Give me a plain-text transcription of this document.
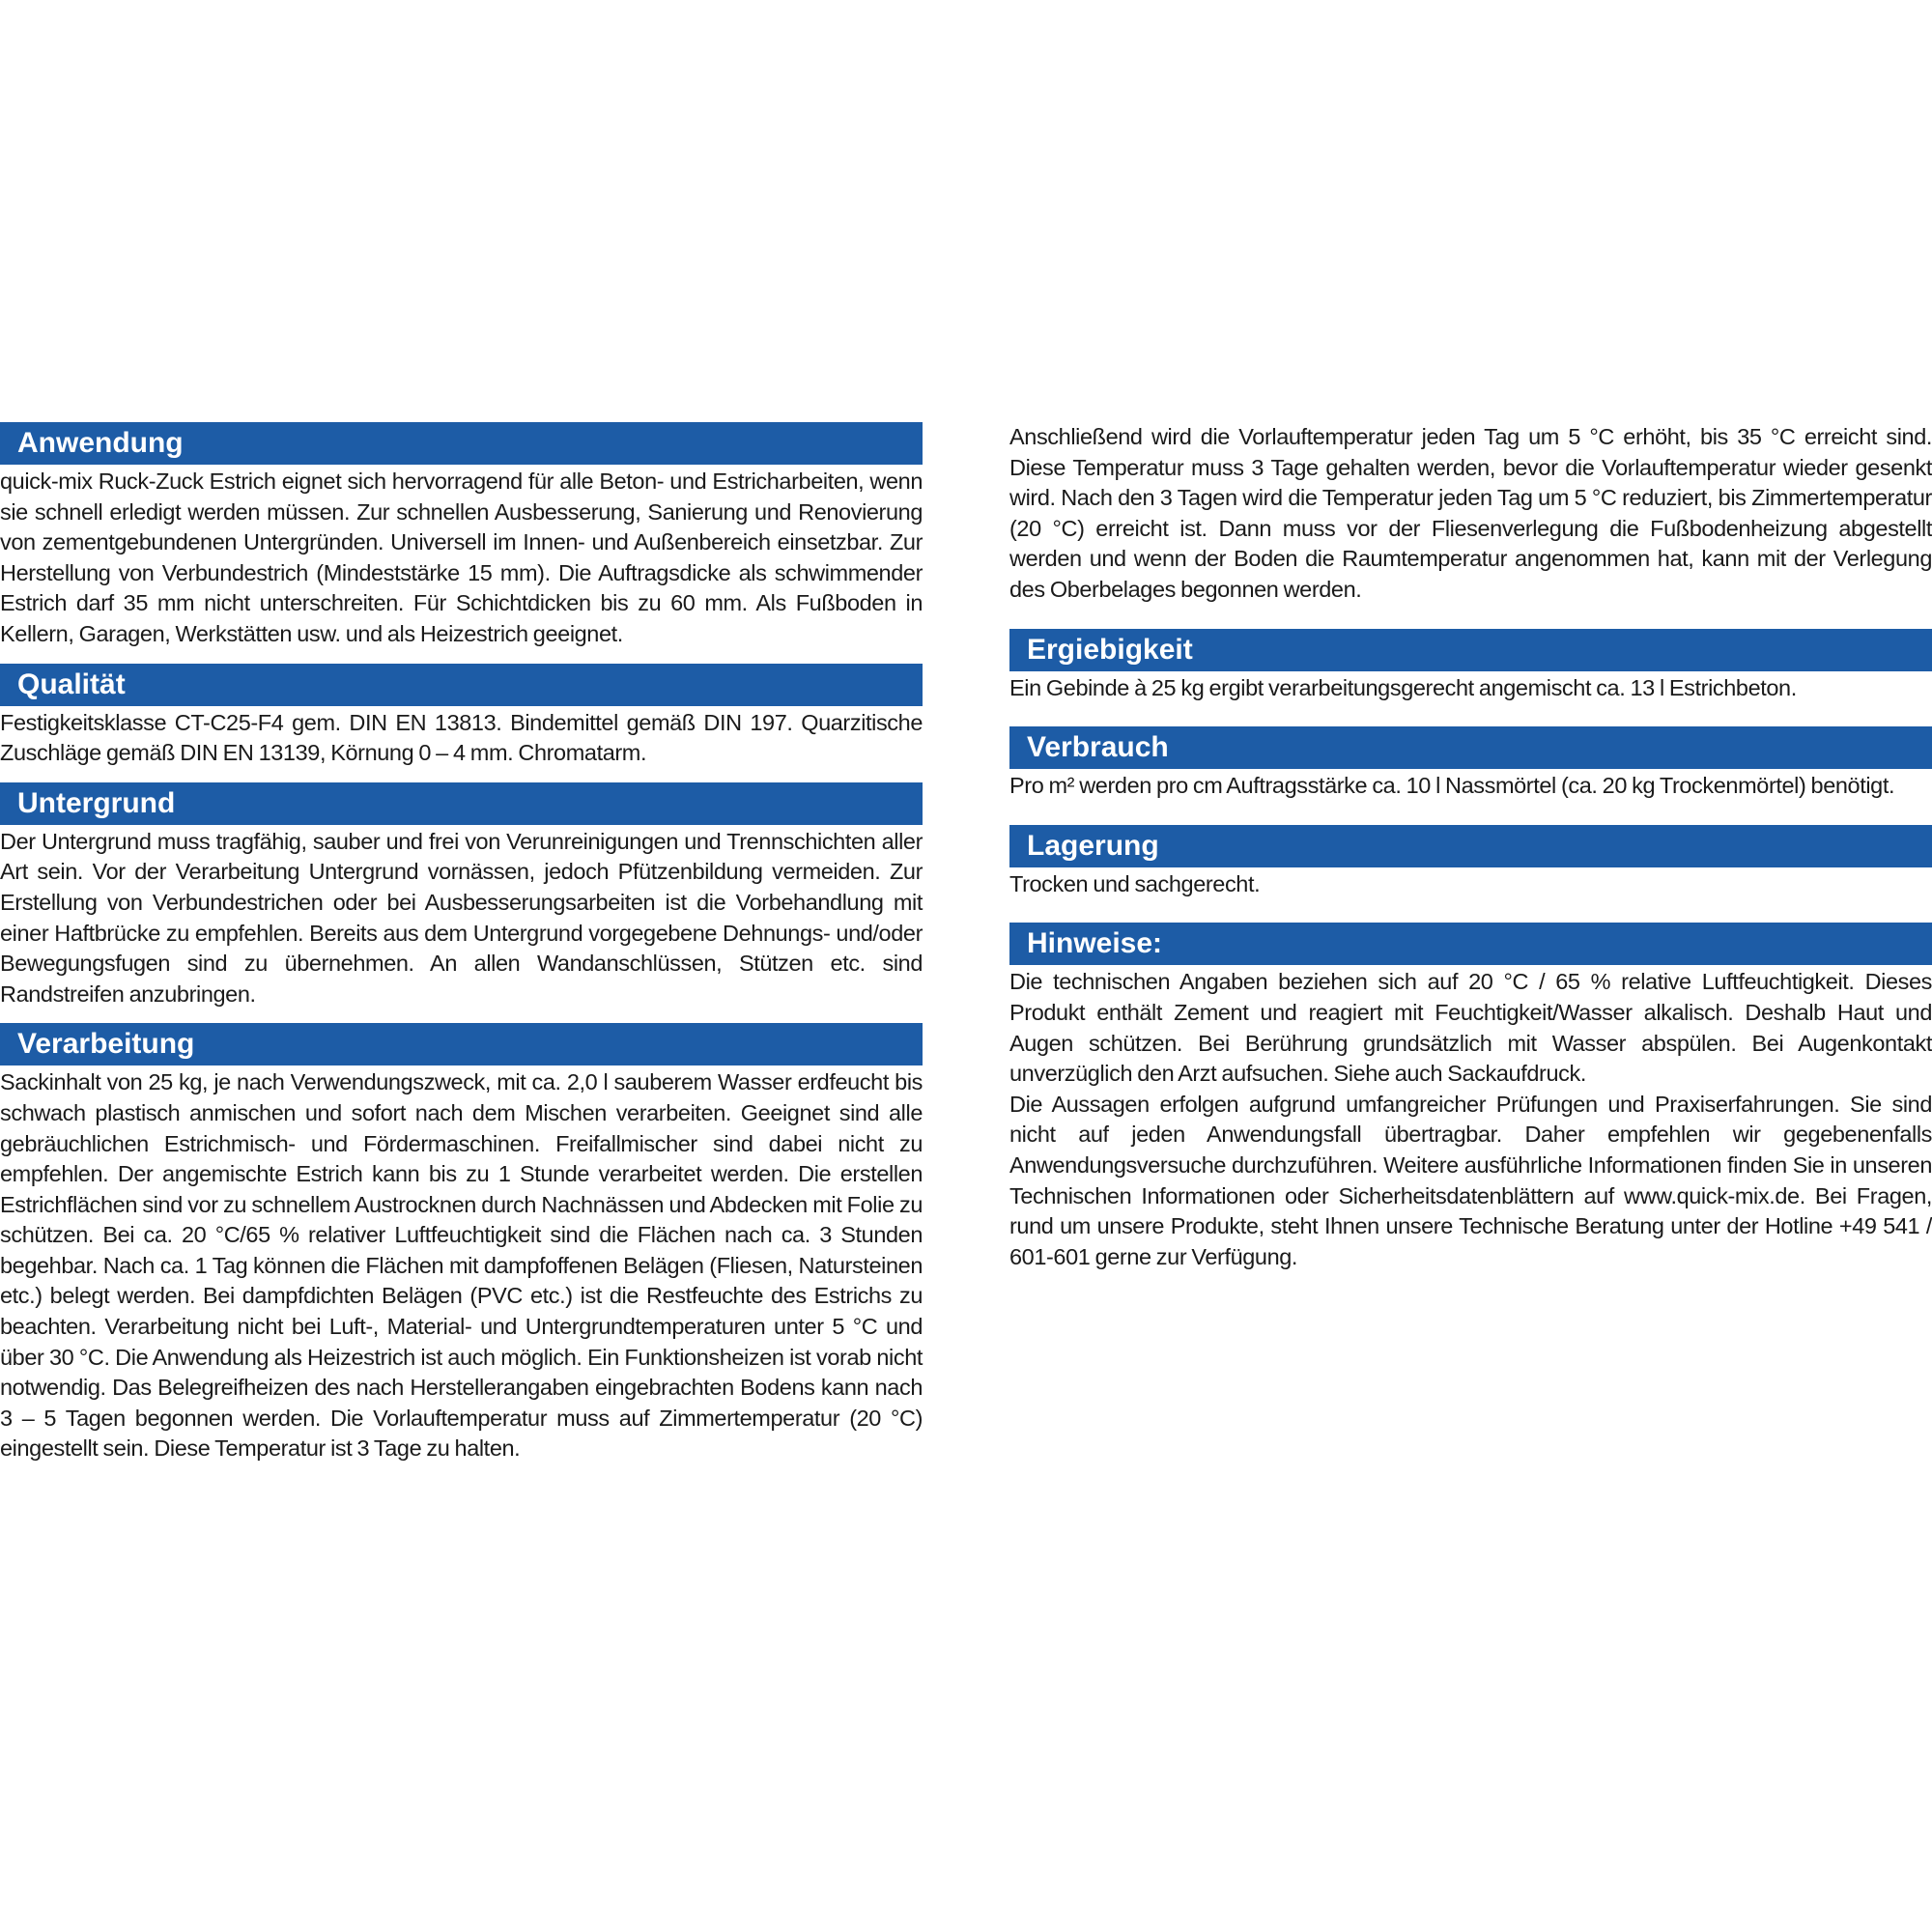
Anwendung
quick-mix Ruck-Zuck Estrich eignet sich hervorragend für alle Beton- und Estricharbeiten, wenn sie schnell erledigt werden müssen. Zur schnellen Ausbesserung, Sanierung und Renovierung von zementgebundenen Untergründen. Universell im Innen- und Außenbereich einsetzbar. Zur Herstellung von Verbundestrich (Mindeststärke 15 mm). Die Auftragsdicke als schwimmender Estrich darf 35 mm nicht unterschreiten. Für Schichtdicken bis zu 60 mm. Als Fußboden in Kellern, Garagen, Werkstätten usw. und als Heizestrich geeignet.
Qualität
Festigkeitsklasse CT-C25-F4 gem. DIN EN 13813. Bindemittel gemäß DIN 197. Quarzitische Zuschläge gemäß DIN EN 13139, Körnung 0 – 4 mm. Chromatarm.
Untergrund
Der Untergrund muss tragfähig, sauber und frei von Verunreinigungen und Trennschichten aller Art sein. Vor der Verarbeitung Untergrund vornässen, jedoch Pfützenbildung vermeiden. Zur Erstellung von Verbundestrichen oder bei Ausbesserungsarbeiten ist die Vorbehandlung mit einer Haftbrücke zu empfehlen. Bereits aus dem Untergrund vorgegebene Dehnungs- und/oder Bewegungsfugen sind zu übernehmen. An allen Wandanschlüssen, Stützen etc. sind Randstreifen anzubringen.
Verarbeitung
Sackinhalt von 25 kg, je nach Verwendungszweck, mit ca. 2,0 l sauberem Wasser erdfeucht bis schwach plastisch anmischen und sofort nach dem Mischen verarbeiten. Geeignet sind alle gebräuchlichen Estrichmisch- und Fördermaschinen. Freifallmischer sind dabei nicht zu empfehlen. Der angemischte Estrich kann bis zu 1 Stunde verarbeitet werden. Die erstellen Estrichflächen sind vor zu schnellem Austrocknen durch Nachnässen und Abdecken mit Folie zu schützen. Bei ca. 20 °C/65 % relativer Luftfeuchtigkeit sind die Flächen nach ca. 3 Stunden begehbar. Nach ca. 1 Tag können die Flächen mit dampfoffenen Belägen (Fliesen, Natursteinen etc.) belegt werden. Bei dampfdichten Belägen (PVC etc.) ist die Restfeuchte des Estrichs zu beachten. Verarbeitung nicht bei Luft-, Material- und Untergrundtemperaturen unter 5 °C und über 30 °C. Die Anwendung als Heizestrich ist auch möglich. Ein Funktionsheizen ist vorab nicht notwendig. Das Belegreifheizen des nach Herstellerangaben eingebrachten Bodens kann nach 3 – 5 Tagen begonnen werden. Die Vorlauftemperatur muss auf Zimmertemperatur (20 °C) eingestellt sein. Diese Temperatur ist 3 Tage zu halten.
Anschließend wird die Vorlauftemperatur jeden Tag um 5 °C erhöht, bis 35 °C erreicht sind. Diese Temperatur muss 3 Tage gehalten werden, bevor die Vorlauftemperatur wieder gesenkt wird. Nach den 3 Tagen wird die Temperatur jeden Tag um 5 °C reduziert, bis Zimmertemperatur (20 °C) erreicht ist. Dann muss vor der Fliesenverlegung die Fußbodenheizung abgestellt werden und wenn der Boden die Raumtemperatur angenommen hat, kann mit der Verlegung des Oberbelages begonnen werden.
Ergiebigkeit
Ein Gebinde à 25 kg ergibt verarbeitungsgerecht angemischt ca. 13 l Estrichbeton.
Verbrauch
Pro m² werden pro cm Auftragsstärke ca. 10 l Nassmörtel (ca. 20 kg Trockenmörtel) benötigt.
Lagerung
Trocken und sachgerecht.
Hinweise:

Die technischen Angaben beziehen sich auf 20 °C / 65 % relative Luftfeuchtigkeit. Dieses Produkt enthält Zement und reagiert mit Feuchtigkeit/Wasser alkalisch. Deshalb Haut und Augen schützen. Bei Berührung grundsätzlich mit Wasser abspülen. Bei Augenkontakt unverzüglich den Arzt aufsuchen. Siehe auch Sackaufdruck.

Die Aussagen erfolgen aufgrund umfangreicher Prüfungen und Praxiserfahrungen. Sie sind nicht auf jeden Anwendungsfall übertragbar. Daher empfehlen wir gegebenenfalls Anwendungsversuche durchzuführen. Weitere ausführliche Informationen finden Sie in unseren Technischen Informationen oder Sicherheitsdatenblättern auf www.quick-mix.de. Bei Fragen, rund um unsere Produkte, steht Ihnen unsere Technische Beratung unter der Hotline +49 541 / 601-601 gerne zur Verfügung.
